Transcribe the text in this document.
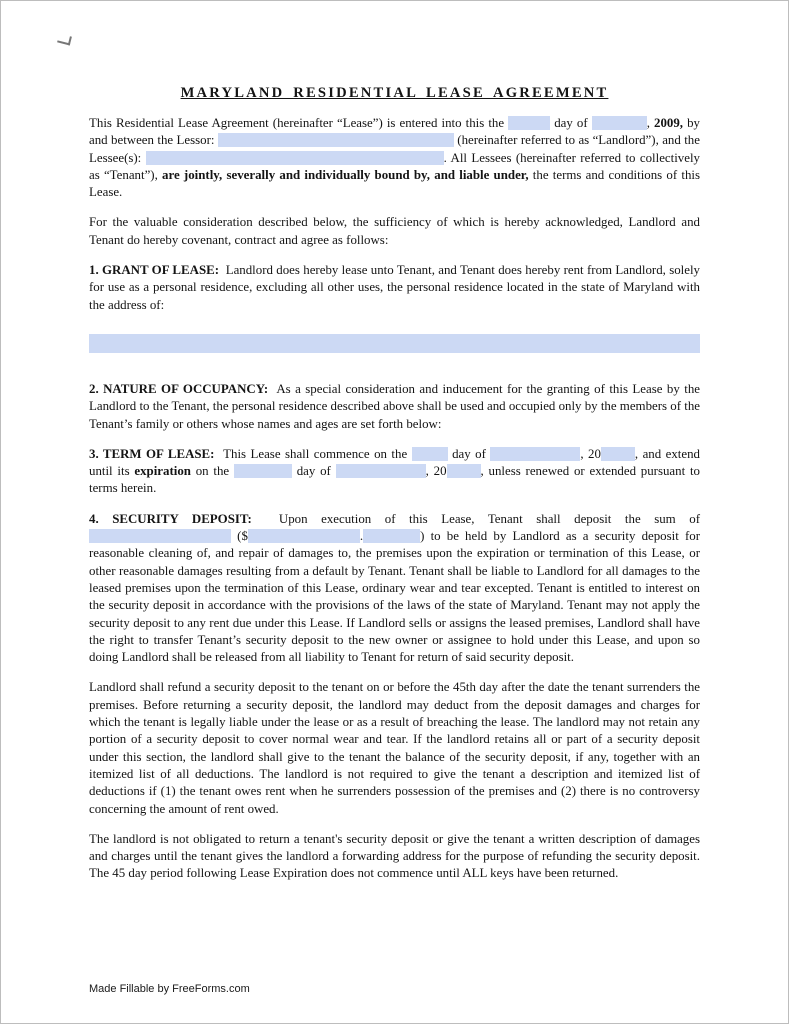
MARYLAND RESIDENTIAL LEASE AGREEMENT

This Residential Lease Agreement (hereinafter “Lease”) is entered into this the	day of	, 2009, by and between the Lessor:	(hereinafter referred to as “Landlord”), and the Lessee(s):	. All Lessees (hereinafter referred to collectively as “Tenant”), are jointly, severally and individually bound by, and liable under, the terms and conditions of this Lease.

For the valuable consideration described below, the sufficiency of which is hereby acknowledged, Landlord and Tenant do hereby covenant, contract and agree as follows:

1. GRANT OF LEASE:  Landlord does hereby lease unto Tenant, and Tenant does hereby rent from Landlord, solely for use as a personal residence, excluding all other uses, the personal residence located in the state of Maryland with the address of:

2. NATURE OF OCCUPANCY:  As a special consideration and inducement for the granting of this Lease by the Landlord to the Tenant, the personal residence described above shall be used and occupied only by the members of the Tenant’s family or others whose names and ages are set forth below:

3. TERM OF LEASE:  This Lease shall commence on the	day of	, 20	, and extend until its expiration on the	day of	, 20	, unless renewed or extended pursuant to terms herein.

4. SECURITY DEPOSIT:  Upon execution of this Lease, Tenant shall deposit the sum of  ($	.	) to be held by Landlord as a security deposit for reasonable cleaning of, and repair of damages to, the premises upon the expiration or termination of this Lease, or other reasonable damages resulting from a default by Tenant. Tenant shall be liable to Landlord for all damages to the leased premises upon the termination of this Lease, ordinary wear and tear excepted. Tenant is entitled to interest on the security deposit in accordance with the provisions of the laws of the state of Maryland. Tenant may not apply the security deposit to any rent due under this Lease. If Landlord sells or assigns the leased premises, Landlord shall have the right to transfer Tenant’s security deposit to the new owner or assignee to hold under this Lease, and upon so doing Landlord shall be released from all liability to Tenant for return of said security deposit.

Landlord shall refund a security deposit to the tenant on or before the 45th day after the date the tenant surrenders the premises. Before returning a security deposit, the landlord may deduct from the deposit damages and charges for which the tenant is legally liable under the lease or as a result of breaching the lease. The landlord may not retain any portion of a security deposit to cover normal wear and tear. If the landlord retains all or part of a security deposit under this section, the landlord shall give to the tenant the balance of the security deposit, if any, together with an itemized list of all deductions. The landlord is not required to give the tenant a description and itemized list of deductions if (1) the tenant owes rent when he surrenders possession of the premises and (2) there is no controversy concerning the amount of rent owed.

The landlord is not obligated to return a tenant's security deposit or give the tenant a written description of damages and charges until the tenant gives the landlord a forwarding address for the purpose of refunding the security deposit. The 45 day period following Lease Expiration does not commence until ALL keys have been returned.

Made Fillable by FreeForms.com
